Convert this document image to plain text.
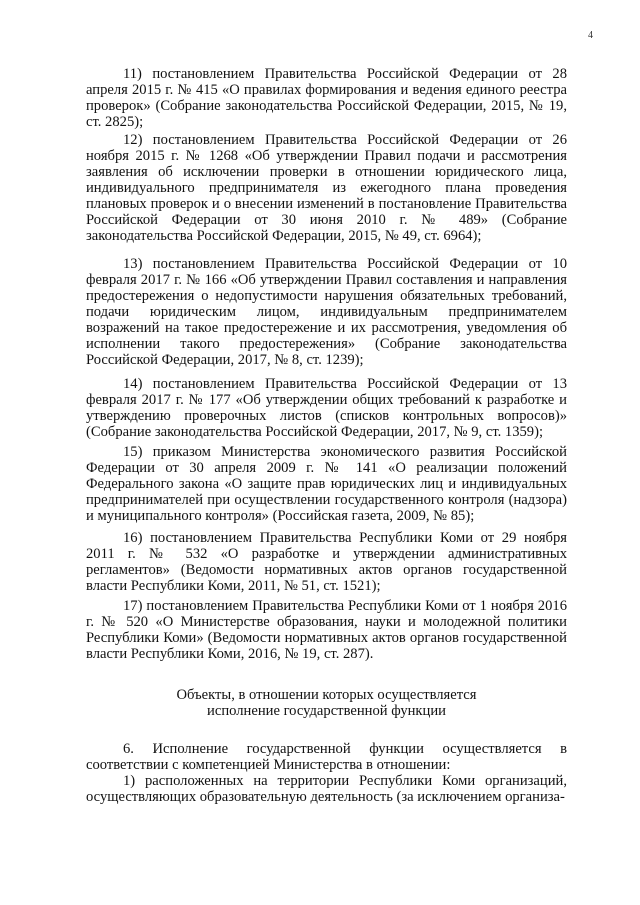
4

11) постановлением Правительства Российской Федерации от 28 апреля 2015 г. № 415 «О правилах формирования и ведения единого реестра проверок» (Собрание законодательства Российской Федерации, 2015, № 19, ст. 2825);

12) постановлением Правительства Российской Федерации от 26 ноября 2015 г. № 1268 «Об утверждении Правил подачи и рассмотрения заявления об исключении проверки в отношении юридического лица, индивидуального предпринимателя из ежегодного плана проведения плановых проверок и о внесении изменений в постановление Правительства Российской Федерации от 30 июня 2010 г. № 489» (Собрание законодательства Российской Федерации, 2015, № 49, ст. 6964);

13) постановлением Правительства Российской Федерации от 10 февраля 2017 г. № 166 «Об утверждении Правил составления и направления предостережения о недопустимости нарушения обязательных требований, подачи юридическим лицом, индивидуальным предпринимателем возражений на такое предостережение и их рассмотрения, уведомления об исполнении такого предостережения» (Собрание законодательства Российской Федерации, 2017, № 8, ст. 1239);

14) постановлением Правительства Российской Федерации от 13 февраля 2017 г. № 177 «Об утверждении общих требований к разработке и утверждению проверочных листов (списков контрольных вопросов)» (Собрание законодательства Российской Федерации, 2017, № 9, ст. 1359);

15) приказом Министерства экономического развития Российской Федерации от 30 апреля 2009 г. № 141 «О реализации положений Федерального закона «О защите прав юридических лиц и индивидуальных предпринимателей при осуществлении государственного контроля (надзора) и муниципального контроля» (Российская газета, 2009, № 85);

16) постановлением Правительства Республики Коми от 29 ноября 2011 г. № 532 «О разработке и утверждении административных регламентов» (Ведомости нормативных актов органов государственной власти Республики Коми, 2011, № 51, ст. 1521);

17) постановлением Правительства Республики Коми от 1 ноября 2016 г. № 520 «О Министерстве образования, науки и молодежной политики Республики Коми» (Ведомости нормативных актов органов государственной власти Республики Коми, 2016, № 19, ст. 287).

Объекты, в отношении которых осуществляется
исполнение государственной функции

6. Исполнение государственной функции осуществляется в соответствии с компетенцией Министерства в отношении:

1) расположенных на территории Республики Коми организаций, осуществляющих образовательную деятельность (за исключением организа-
